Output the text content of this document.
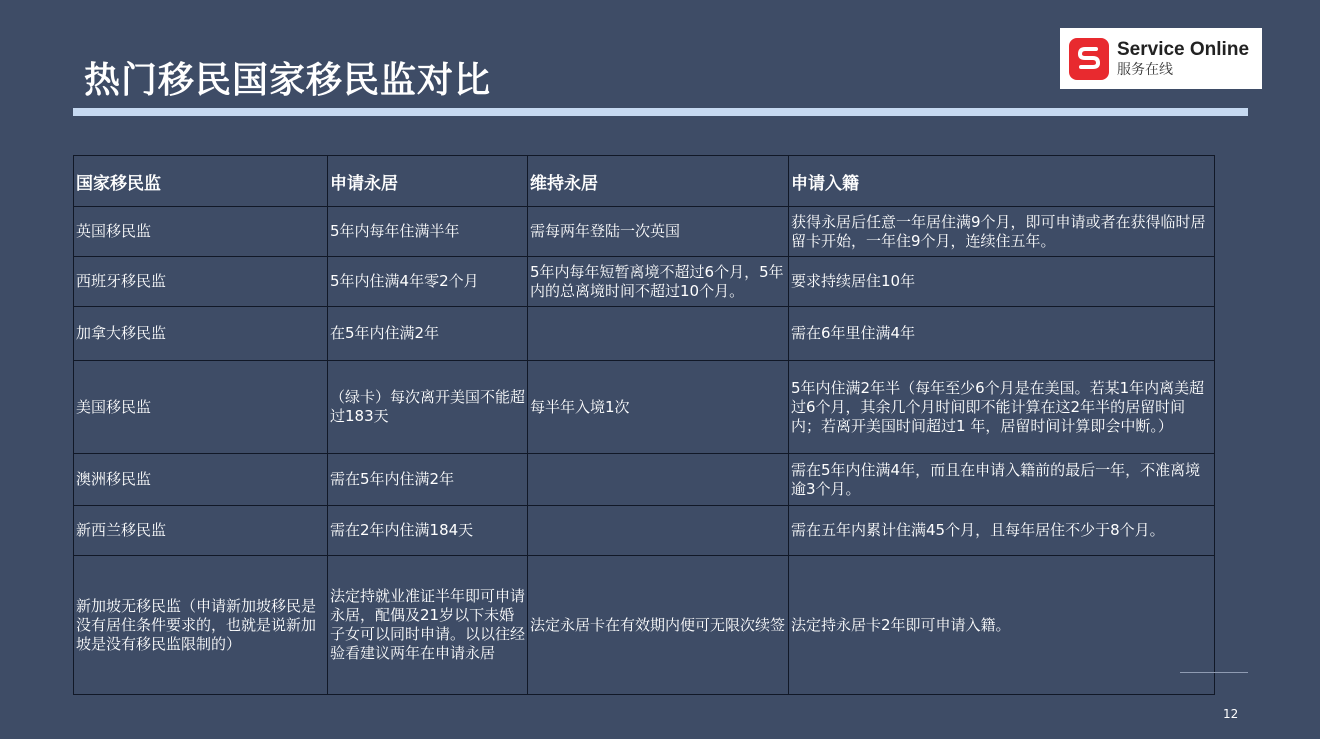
热门移民国家移民监对比
Service Online
服务在线
国家移民监	申请永居	维持永居	申请入籍
英国移民监	5年内每年住满半年	需每两年登陆一次英国	获得永居后任意一年居住满9个月，即可申请或者在获得临时居留卡开始，一年住9个月，连续住五年。
西班牙移民监	5年内住满4年零2个月	5年内每年短暂离境不超过6个月，5年内的总离境时间不超过10个月。	要求持续居住10年
加拿大移民监	在5年内住满2年		需在6年里住满4年
美国移民监	（绿卡）每次离开美国不能超过183天	每半年入境1次	5年内住满2年半（每年至少6个月是在美国。若某1年内离美超过6个月，其余几个月时间即不能计算在这2年半的居留时间内；若离开美国时间超过1 年，居留时间计算即会中断。）
澳洲移民监	需在5年内住满2年		需在5年内住满4年，而且在申请入籍前的最后一年，不准离境逾3个月。
新西兰移民监	需在2年内住满184天		需在五年内累计住满45个月，且每年居住不少于8个月。
新加坡无移民监（申请新加坡移民是没有居住条件要求的，也就是说新加坡是没有移民监限制的）	法定持就业准证半年即可申请永居，配偶及21岁以下未婚子女可以同时申请。以以往经验看建议两年在申请永居	法定永居卡在有效期内便可无限次续签	法定持永居卡2年即可申请入籍。
12
